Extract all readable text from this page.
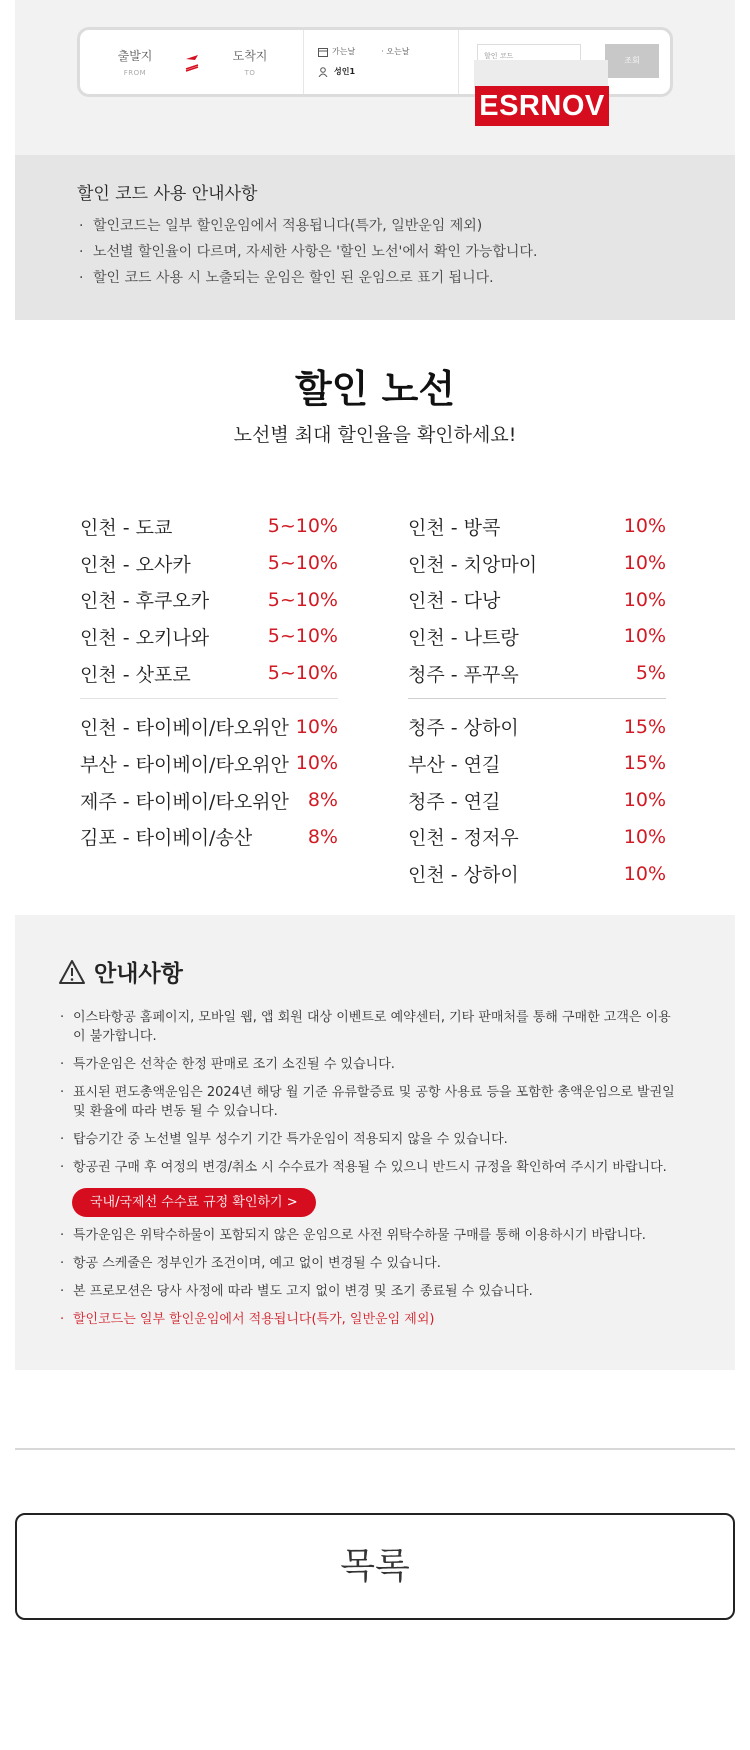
출발지
FROM
도착지
TO
가는날	· 오는날
성인1
할인 코드	조회
ESRNOV
할인 코드 사용 안내사항
· 할인코드는 일부 할인운임에서 적용됩니다(특가, 일반운임 제외)
· 노선별 할인율이 다르며, 자세한 사항은 '할인 노선'에서 확인 가능합니다.
· 할인 코드 사용 시 노출되는 운임은 할인 된 운임으로 표기 됩니다.
할인 노선

노선별 최대 할인율을 확인하세요!

인천 - 도쿄	5~10%
인천 - 오사카	5~10%
인천 - 후쿠오카	5~10%
인천 - 오키나와	5~10%
인천 - 삿포로	5~10%
인천 - 타이베이/타오위안 10%
부산 - 타이베이/타오위안 10%
제주 - 타이베이/타오위안 8%
김포 - 타이베이/송산	8%
인천 - 방콕	10%
인천 - 치앙마이	10%
인천 - 다낭	10%
인천 - 나트랑	10%
청주 - 푸꾸옥	5%
청주 - 상하이	15%
부산 - 연길	15%
청주 - 연길	10%
인천 - 정저우	10%
인천 - 상하이	10%
안내사항
· 이스타항공 홈페이지, 모바일 웹, 앱 회원 대상 이벤트로 예약센터, 기타 판매처를 통해 구매한 고객은 이용이 불가합니다.
· 특가운임은 선착순 한정 판매로 조기 소진될 수 있습니다.
· 표시된 편도총액운임은 2024년 해당 월 기준 유류할증료 및 공항 사용료 등을 포함한 총액운임으로 발권일 및 환율에 따라 변동 될 수 있습니다.
· 탑승기간 중 노선별 일부 성수기 기간 특가운임이 적용되지 않을 수 있습니다.
· 항공권 구매 후 여정의 변경/취소 시 수수료가 적용될 수 있으니 반드시 규정을 확인하여 주시기 바랍니다.
국내/국제선 수수료 규정 확인하기 >
· 특가운임은 위탁수하물이 포함되지 않은 운임으로 사전 위탁수하물 구매를 통해 이용하시기 바랍니다.
· 항공 스케줄은 정부인가 조건이며, 예고 없이 변경될 수 있습니다.
· 본 프로모션은 당사 사정에 따라 별도 고지 없이 변경 및 조기 종료될 수 있습니다.
· 할인코드는 일부 할인운임에서 적용됩니다(특가, 일반운임 제외)
목록
